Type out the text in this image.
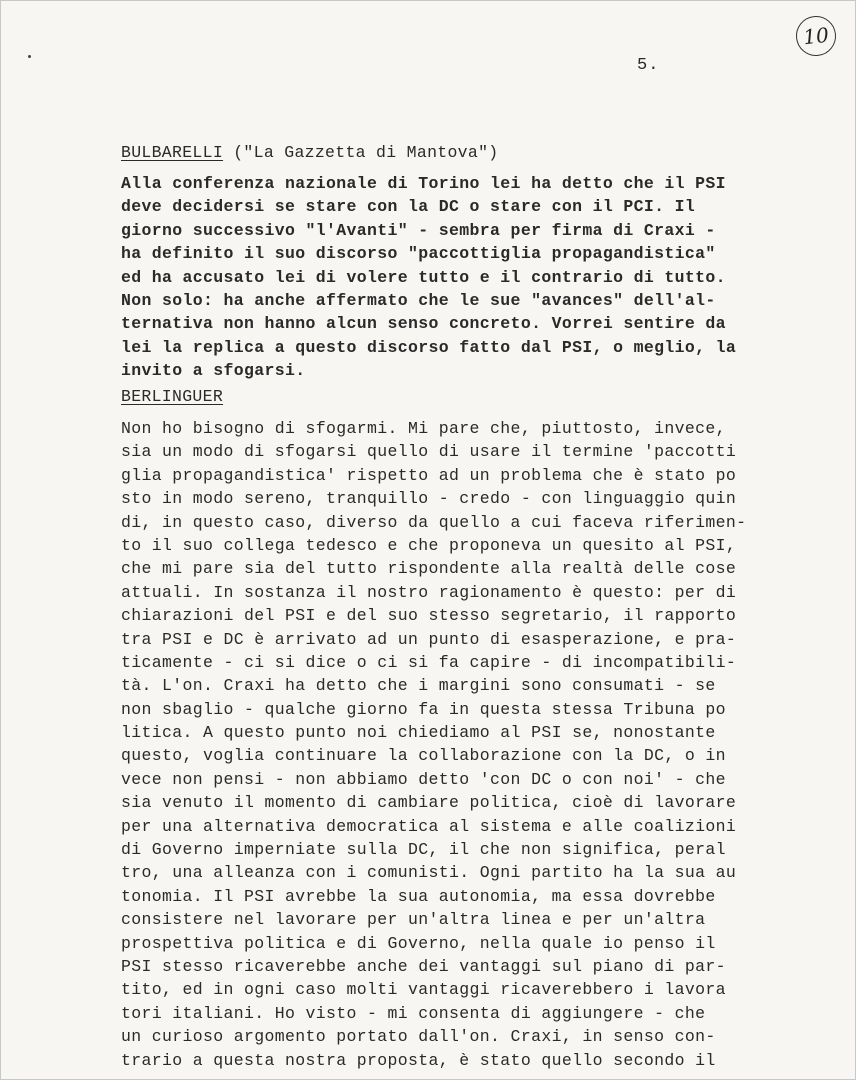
10
5.
BULBARELLI ("La Gazzetta di Mantova")
Alla conferenza nazionale di Torino lei ha detto che il PSI
deve decidersi se stare con la DC o stare con il PCI. Il
giorno successivo "l'Avanti" - sembra per firma di Craxi -
ha definito il suo discorso "paccottiglia propagandistica"
ed ha accusato lei di volere tutto e il contrario di tutto.
Non solo: ha anche affermato che le sue "avances" dell'al-
ternativa non hanno alcun senso concreto. Vorrei sentire da
lei la replica a questo discorso fatto dal PSI, o meglio, la
invito a sfogarsi.
BERLINGUER
Non ho bisogno di sfogarmi. Mi pare che, piuttosto, invece,
sia un modo di sfogarsi quello di usare il termine 'paccotti
glia propagandistica' rispetto ad un problema che è stato po
sto in modo sereno, tranquillo - credo - con linguaggio quin
di, in questo caso, diverso da quello a cui faceva riferimen-
to il suo collega tedesco e che proponeva un quesito al PSI,
che mi pare sia del tutto rispondente alla realtà delle cose
attuali. In sostanza il nostro ragionamento è questo: per di
chiarazioni del PSI e del suo stesso segretario, il rapporto
tra PSI e DC è arrivato ad un punto di esasperazione, e pra-
ticamente - ci si dice o ci si fa capire - di incompatibili-
tà. L'on. Craxi ha detto che i margini sono consumati - se
non sbaglio - qualche giorno fa in questa stessa Tribuna po
litica. A questo punto noi chiediamo al PSI se, nonostante
questo, voglia continuare la collaborazione con la DC, o in
vece non pensi - non abbiamo detto 'con DC o con noi' - che
sia venuto il momento di cambiare politica, cioè di lavorare
per una alternativa democratica al sistema e alle coalizioni
di Governo imperniate sulla DC, il che non significa, peral
tro, una alleanza con i comunisti. Ogni partito ha la sua au
tonomia. Il PSI avrebbe la sua autonomia, ma essa dovrebbe
consistere nel lavorare per un'altra linea e per un'altra
prospettiva politica e di Governo, nella quale io penso il
PSI stesso ricaverebbe anche dei vantaggi sul piano di par-
tito, ed in ogni caso molti vantaggi ricaverebbero i lavora
tori italiani. Ho visto - mi consenta di aggiungere - che
un curioso argomento portato dall'on. Craxi, in senso con-
trario a questa nostra proposta, è stato quello secondo il
